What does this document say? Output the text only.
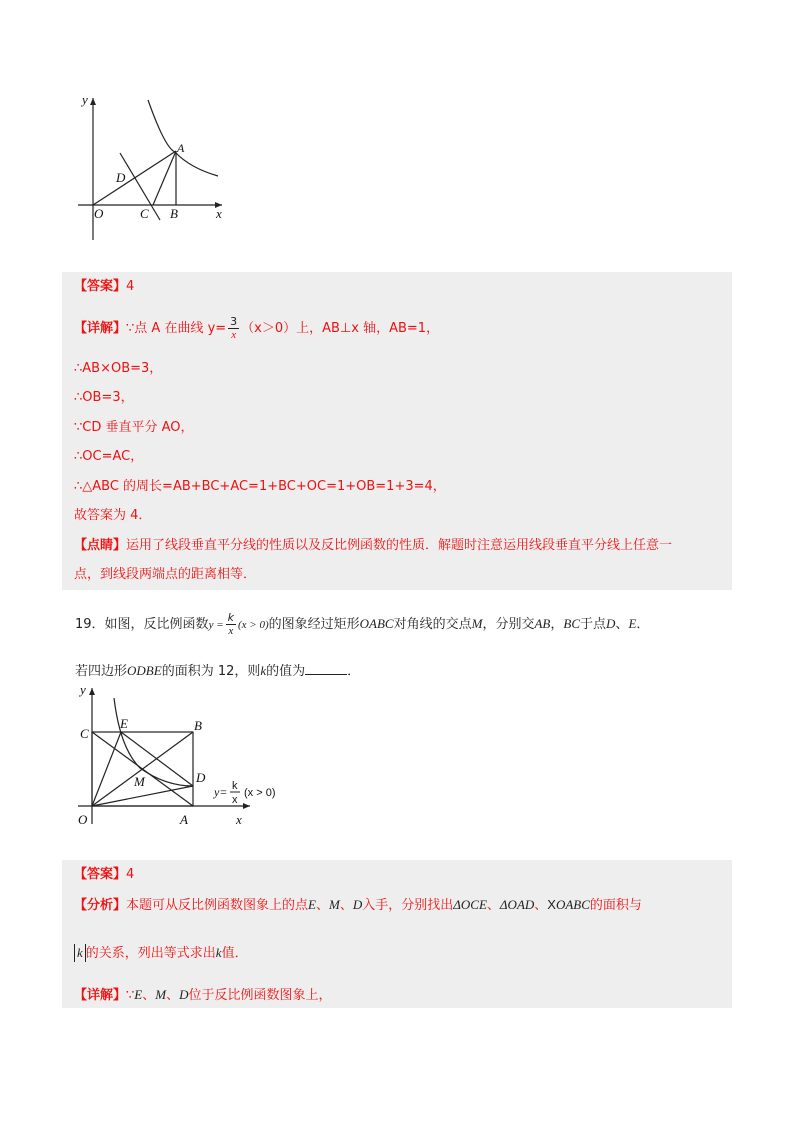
y
x
O
A
B
C
D
【答案】4
【详解】∵点 A 在曲线 $y= \frac{3}{x} (x>0)$上，AB⊥x 轴，AB=1，
∴AB×OB=3，
∴OB=3，
∵CD 垂直平分 AO，
∴OC=AC，
∴△ABC 的周长=AB+BC+AC=1+BC+OC=1+OB=1+3=4，
故答案为 4．
【点睛】运用了线段垂直平分线的性质以及反比例函数的性质．解题时注意运用线段垂直平分线上任意一
点，到线段两端点的距离相等．
19．如图，反比例函数$y = \frac{k}{x} (x > 0)$的图象经过矩形OABC对角线的交点M，分别交AB，BC于点D、E．
若四边形ODBE的面积为 12，则k的值为	．
y
x
O	A
B
C
D
E
M
y= k
x
(x > 0)
【答案】4
【分析】本题可从反比例函数图象上的点E、M、D入手，分别找出ΔOCE、ΔOAD、XOABC的面积与
k 的关系，列出等式求出k值．
【详解】∵E、M、D位于反比例函数图象上，
